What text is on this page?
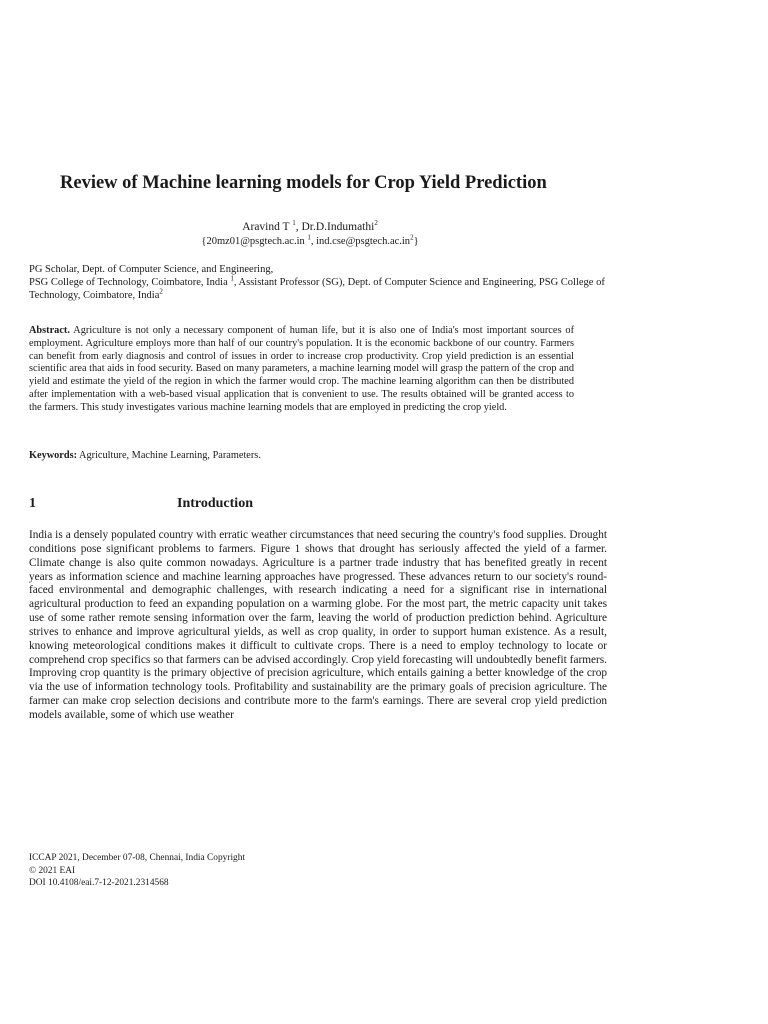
Review of Machine learning models for Crop Yield Prediction
Aravind T $^1$, Dr.D.Indumathi$^2$
{20mz01@psgtech.ac.in $^1$, $ind.cse@psgtech.ac.in^2$}
PG Scholar, Dept. of Computer Science, and Engineering,
PSG College of Technology, Coimbatore, India $^1$, Assistant Professor (SG), Dept. of Computer Science and Engineering, PSG College of
Technology, Coimbatore, India$^2$
Abstract. Agriculture is not only a necessary component of human life, but it is also one of India's most important sources of employment. Agriculture employs more than half of our country's population. It is the economic backbone of our country. Farmers can benefit from early diagnosis and control of issues in order to increase crop productivity. Crop yield prediction is an essential scientific area that aids in food security. Based on many parameters, a machine learning model will grasp the pattern of the crop and yield and estimate the yield of the region in which the farmer would crop. The machine learning algorithm can then be distributed after implementation with a web-based visual application that is convenient to use. The results obtained will be granted access to the farmers. This study investigates various machine learning models that are employed in predicting the crop yield.
Keywords: Agriculture, Machine Learning, Parameters.
1	Introduction

India is a densely populated country with erratic weather circumstances that need securing the country's food supplies. Drought conditions pose significant problems to farmers. Figure 1 shows that drought has seriously affected the yield of a farmer. Climate change is also quite common nowadays. Agriculture is a partner trade industry that has benefited greatly in recent years as information science and machine learning approaches have progressed. These advances return to our society's round-faced environmental and demographic challenges, with research indicating a need for a significant rise in international agricultural production to feed an expanding population on a warming globe. For the most part, the metric capacity unit takes use of some rather remote sensing information over the farm, leaving the world of production prediction behind. Agriculture strives to enhance and improve agricultural yields, as well as crop quality, in order to support human existence. As a result, knowing meteorological conditions makes it difficult to cultivate crops. There is a need to employ technology to locate or comprehend crop specifics so that farmers can be advised accordingly. Crop yield forecasting will undoubtedly benefit farmers. Improving crop quantity is the primary objective of precision agriculture, which entails gaining a better knowledge of the crop via the use of information technology tools. Profitability and sustainability are the primary goals of precision agriculture. The farmer can make crop selection decisions and contribute more to the farm's earnings. There are several crop yield prediction models available, some of which use weather

ICCAP 2021, December 07-08, Chennai, India Copyright
© 2021 EAI
DOI 10.4108/eai.7-12-2021.2314568
